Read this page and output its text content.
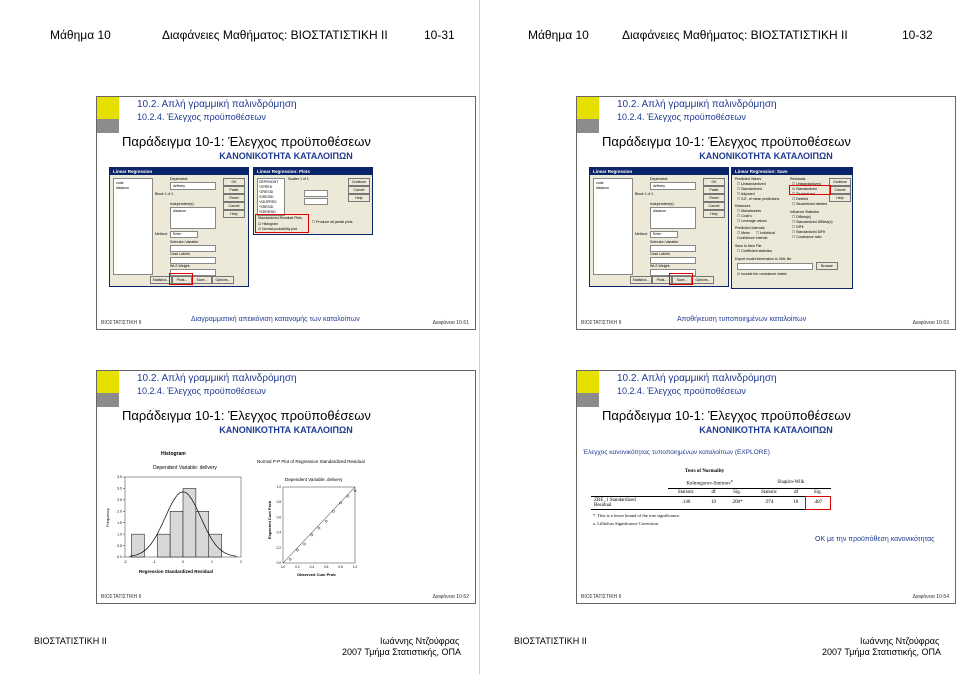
Μάθημα 10	Διαφάνειες Μαθήματος: ΒΙΟΣΤΑΤΙΣΤΙΚΗ ΙΙ	10-31
10.2. Απλή γραμμική παλινδρόμηση
10.2.4. Έλεγχος προϋποθέσεων
Παράδειγμα 10-1: Έλεγχος προϋποθέσεων
ΚΑΝΟΝΙΚΟΤΗΤΑ ΚΑΤΑΛΟΙΠΩΝ
Linear Regression
code
distance
Dependent:
delivery
Block 1 of 1
Independent(s):
distance
Method: Enter
Selection Variable:
Case Labels:
WLS Weight:
OK
Paste
Reset
Cancel
Help
Statistics...	Plots...	Save...	Options...
Linear Regression: Plots
DEPENDNT
*ZPRED
*ZRESID
*DRESID
*ADJPRED
*SRESID
*SDRESID
Scatter 1 of 1
Continue
Cancel
Help
Standardized Residual Plots
☑ Histogram
☑ Normal probability plot
☐ Produce all partial plots
Διαγραμματική απεικόνιση κατανομής των καταλοίπων
ΒΙΟΣΤΑΤΙΣΤΙΚΗ ΙΙ	Διαφάνεια 10-51
10.2. Απλή γραμμική παλινδρόμηση
10.2.4. Έλεγχος προϋποθέσεων
Παράδειγμα 10-1: Έλεγχος προϋποθέσεων
ΚΑΝΟΝΙΚΟΤΗΤΑ ΚΑΤΑΛΟΙΠΩΝ
Histogram
Dependent Variable: delivery
Frequency
Regression Standardized Residual
0.0
0.5
1.0
1.5
2.0
2.5
3.0
3.5
-2	-1	0	1	2
Normal P-P Plot of Regression Standardized Residual
Dependent Variable: delivery
Expected Cum Prob
Observed Cum Prob
0.0
0.0
0.2
0.2
0.4
0.4
0.6
0.6
0.8
0.8
1.0
1.0
ΒΙΟΣΤΑΤΙΣΤΙΚΗ ΙΙ	Διαφάνεια 10-52
ΒΙΟΣΤΑΤΙΣΤΙΚΗ ΙΙ	Ιωάννης Ντζούφρας
2007 Τμήμα Στατιστικής, ΟΠΑ
Μάθημα 10	Διαφάνειες Μαθήματος: ΒΙΟΣΤΑΤΙΣΤΙΚΗ ΙΙ	10-32
10.2. Απλή γραμμική παλινδρόμηση
10.2.4. Έλεγχος προϋποθέσεων
Παράδειγμα 10-1: Έλεγχος προϋποθέσεων
ΚΑΝΟΝΙΚΟΤΗΤΑ ΚΑΤΑΛΟΙΠΩΝ
Linear Regression
code
distance
Dependent:
delivery
Block 1 of 1
Independent(s):
distance
Method: Enter
Selection Variable:
Case Labels:
WLS Weight:
OK
Paste
Reset
Cancel
Help
Statistics...	Plots...	Save...	Options...
Linear Regression: Save
Predicted Values
☐ Unstandardized
☐ Standardized
☐ Adjusted
☐ S.E. of mean predictions
Distances
☐ Mahalanobis
☐ Cook's
☐ Leverage values
Prediction Intervals
☐ Mean ☐ Individual
Confidence Interval:
Save to New File
☐ Coefficient statistics
Export model information to XML file
Browse
☑ Include the covariance matrix
Residuals
☐ Unstandardized
☑ Standardized
☐ Studentized
☐ Deleted
☐ Studentized deleted
Influence Statistics
☐ DfBeta(s)
☐ Standardized DfBeta(s)
☐ DfFit
☐ Standardized DfFit
☐ Covariance ratio
Continue
Cancel
Help
Αποθήκευση τυποποιημένων καταλοίπων
ΒΙΟΣΤΑΤΙΣΤΙΚΗ ΙΙ	Διαφάνεια 10-53
10.2. Απλή γραμμική παλινδρόμηση
10.2.4. Έλεγχος προϋποθέσεων
Παράδειγμα 10-1: Έλεγχος προϋποθέσεων
ΚΑΝΟΝΙΚΟΤΗΤΑ ΚΑΤΑΛΟΙΠΩΝ
Έλεγχος κανονικότητας τυποποιημένων καταλοίπων (EXPLORE)
Tests of Normality
	Kolmogorov-Smirnov$^a$			Shapiro-Wilk		
	Statistic	df	Sig.	Statistic	df	Sig.
ZRE_1 Standardized
Residual	.140	10	.200*	.974	10	.487
*. This is a lower bound of the true significance.
a. Lilliefors Significance Correction
ΟΚ με την προϋπόθεση κανονικότητας
ΒΙΟΣΤΑΤΙΣΤΙΚΗ ΙΙ	Διαφάνεια 10-54
ΒΙΟΣΤΑΤΙΣΤΙΚΗ ΙΙ	Ιωάννης Ντζούφρας
2007 Τμήμα Στατιστικής, ΟΠΑ
